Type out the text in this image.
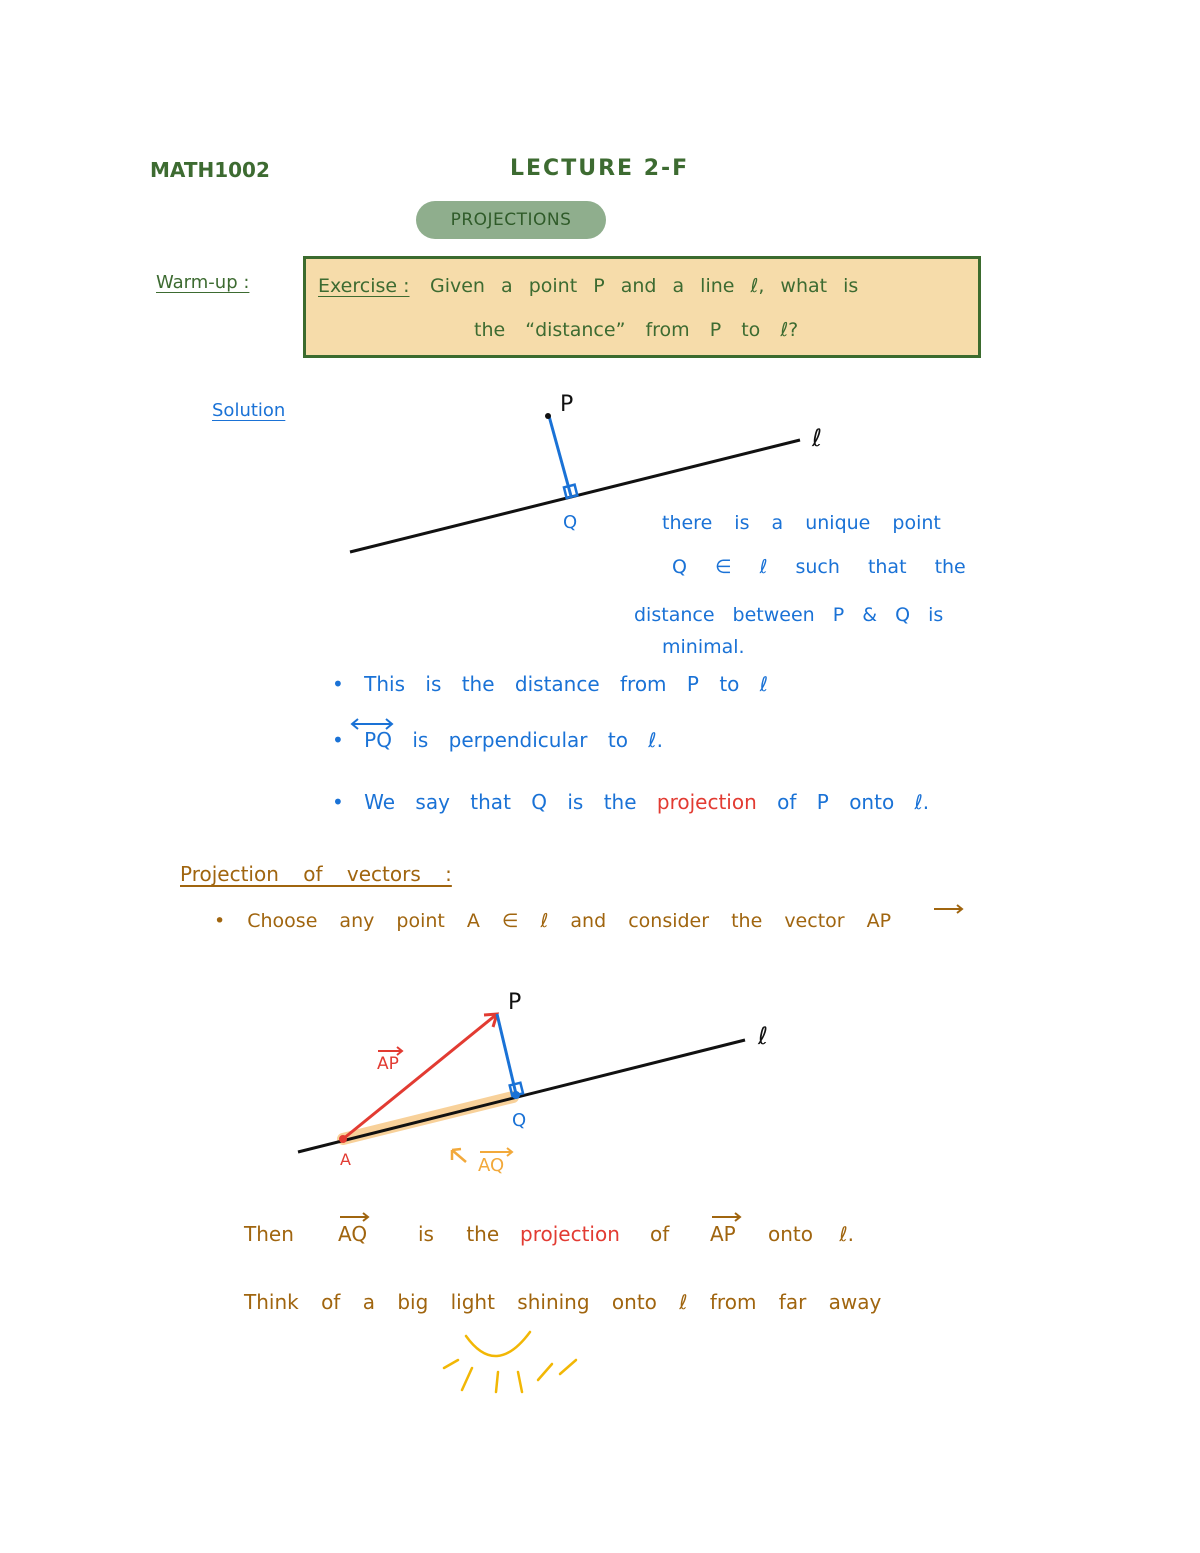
MATH1002	LECTURE 2-F
PROJECTIONS
Warm-up :	Exercise : Given a point P and a line ℓ, what is
the “distance” from P to ℓ?
Solution	P
ℓ
Q	there is a unique point
Q ∈ ℓ such that the
distance between P & Q is
minimal.
• This is the distance from P to ℓ
• PQ is perpendicular to ℓ.
• We say that Q is the projection of P onto ℓ.
Projection of vectors :
• Choose any point A ∈ ℓ and consider the vector AP
P
ℓ
Q
A
AP
AQ
Then AQ	is the projection of AP onto ℓ.
Think of a big light shining onto ℓ from far away
